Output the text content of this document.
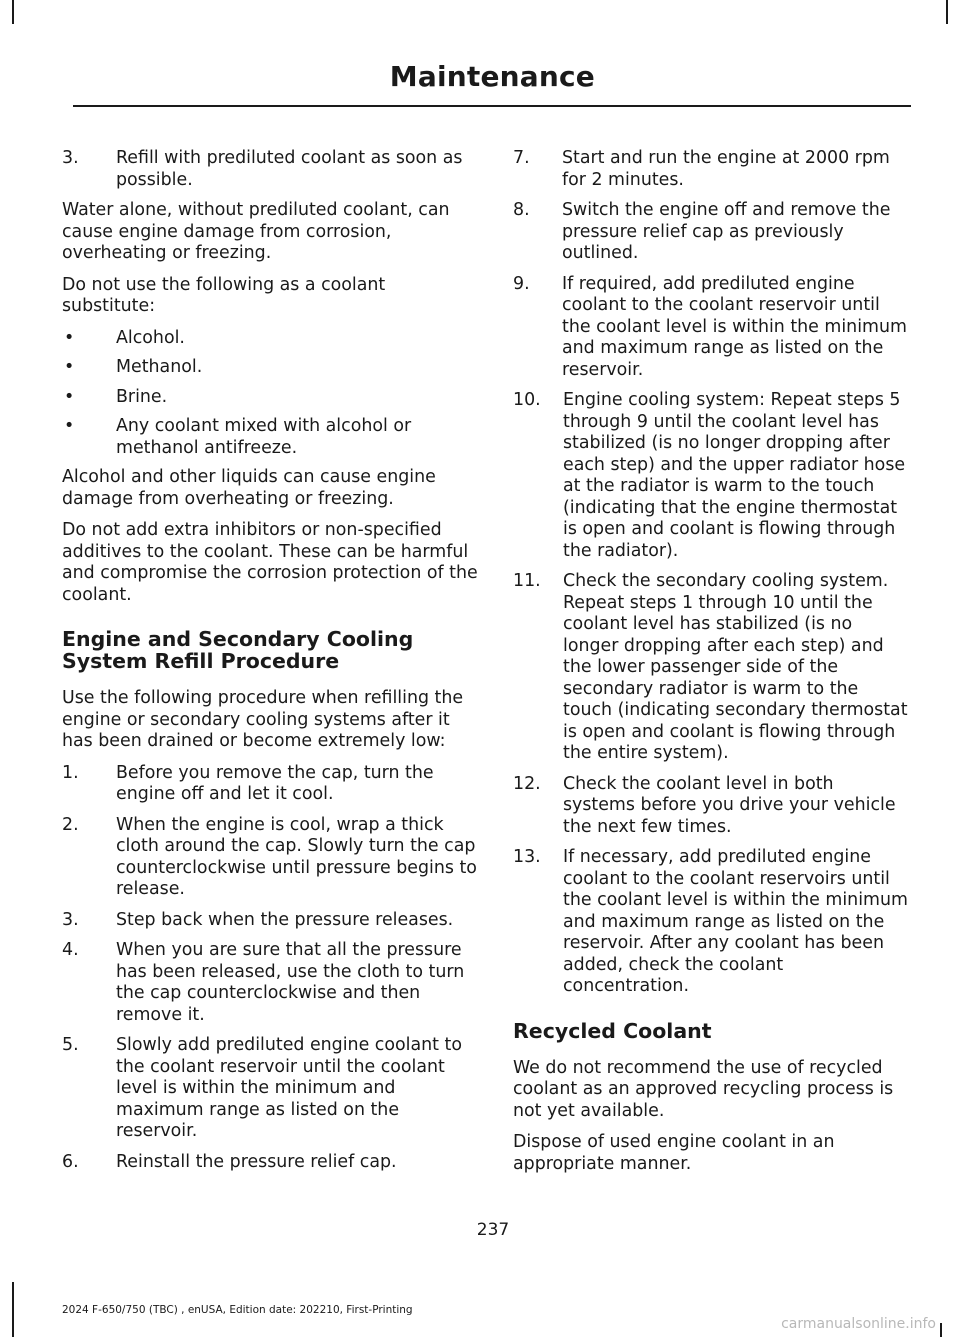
Maintenance
3. Refill with prediluted coolant as soon as possible.

Water alone, without prediluted coolant, can cause engine damage from corrosion, overheating or freezing.

Do not use the following as a coolant substitute:

• Alcohol.
• Methanol.
• Brine.
• Any coolant mixed with alcohol or methanol antifreeze.

Alcohol and other liquids can cause engine damage from overheating or freezing.

Do not add extra inhibitors or non-specified additives to the coolant. These can be harmful and compromise the corrosion protection of the coolant.

Engine and Secondary Cooling System Refill Procedure

Use the following procedure when refilling the engine or secondary cooling systems after it has been drained or become extremely low:

1. Before you remove the cap, turn the engine off and let it cool.
2. When the engine is cool, wrap a thick cloth around the cap. Slowly turn the cap counterclockwise until pressure begins to release.
3. Step back when the pressure releases.
4. When you are sure that all the pressure has been released, use the cloth to turn the cap counterclockwise and then remove it.
5. Slowly add prediluted engine coolant to the coolant reservoir until the coolant level is within the minimum and maximum range as listed on the reservoir.
6. Reinstall the pressure relief cap.
7. Start and run the engine at 2000 rpm for 2 minutes.
8. Switch the engine off and remove the pressure relief cap as previously outlined.
9. If required, add prediluted engine coolant to the coolant reservoir until the coolant level is within the minimum and maximum range as listed on the reservoir.
10. Engine cooling system: Repeat steps 5 through 9 until the coolant level has stabilized (is no longer dropping after each step) and the upper radiator hose at the radiator is warm to the touch (indicating that the engine thermostat is open and coolant is flowing through the radiator).
11. Check the secondary cooling system. Repeat steps 1 through 10 until the coolant level has stabilized (is no longer dropping after each step) and the lower passenger side of the secondary radiator is warm to the touch (indicating secondary thermostat is open and coolant is flowing through the entire system).
12. Check the coolant level in both systems before you drive your vehicle the next few times.
13. If necessary, add prediluted engine coolant to the coolant reservoirs until the coolant level is within the minimum and maximum range as listed on the reservoir. After any coolant has been added, check the coolant concentration.
Recycled Coolant

We do not recommend the use of recycled coolant as an approved recycling process is not yet available.

Dispose of used engine coolant in an appropriate manner.

237
2024 F-650/750 (TBC) , enUSA, Edition date: 202210, First-Printing
carmanualsonline.info
